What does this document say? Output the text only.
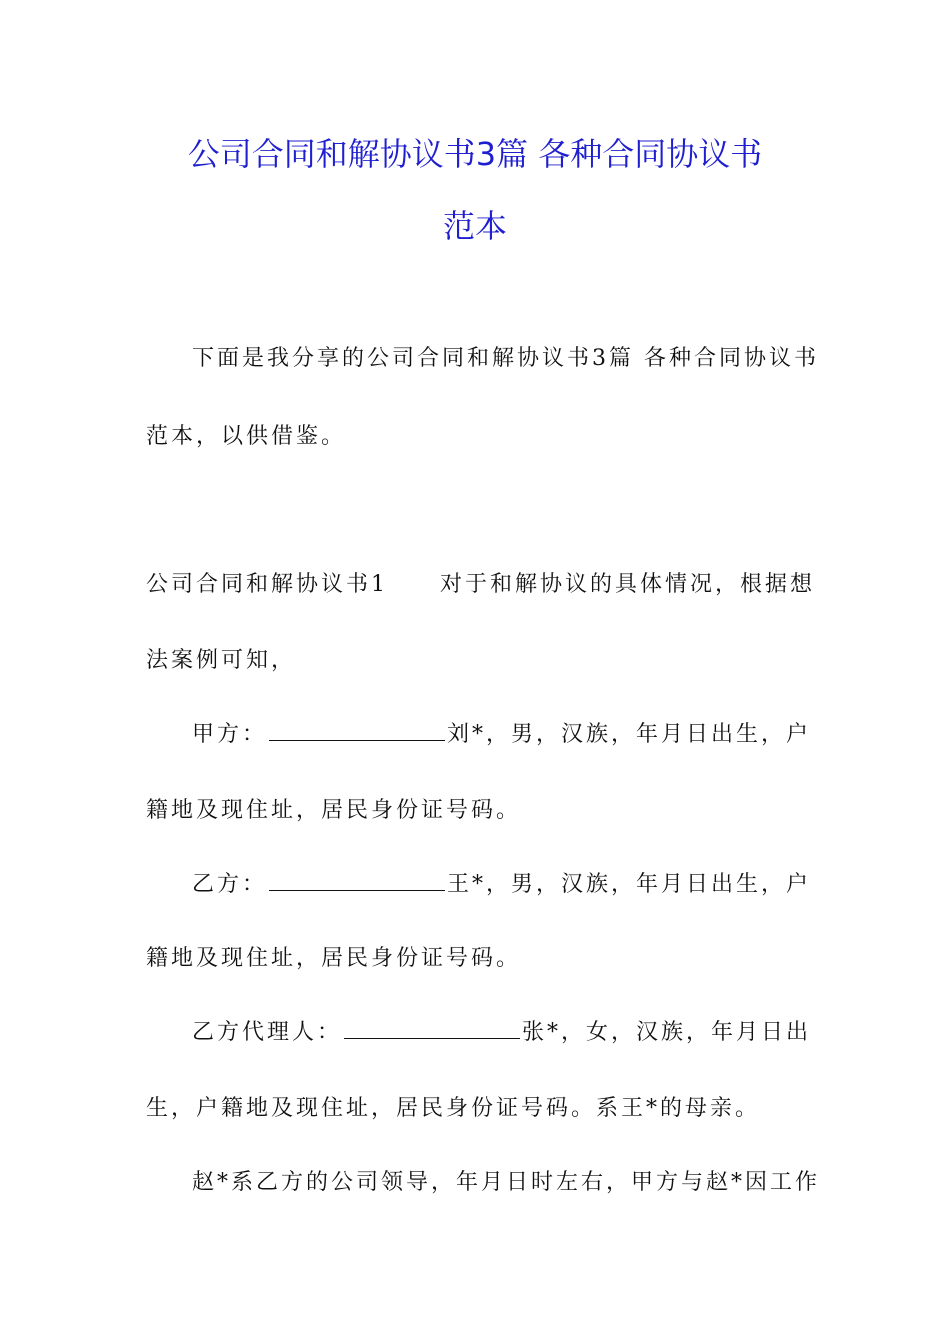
公司合同和解协议书3篇 各种合同协议书
范本
下面是我分享的公司合同和解协议书3篇 各种合同协议书
范本，以供借鉴。
公司合同和解协议书1 对于和解协议的具体情况，根据想
法案例可知，
甲方：	刘*，男，汉族，年月日出生，户
籍地及现住址，居民身份证号码。
乙方：	王*，男，汉族，年月日出生，户
籍地及现住址，居民身份证号码。
乙方代理人：	张*，女，汉族，年月日出
生，户籍地及现住址，居民身份证号码。系王*的母亲。
赵*系乙方的公司领导，年月日时左右，甲方与赵*因工作
